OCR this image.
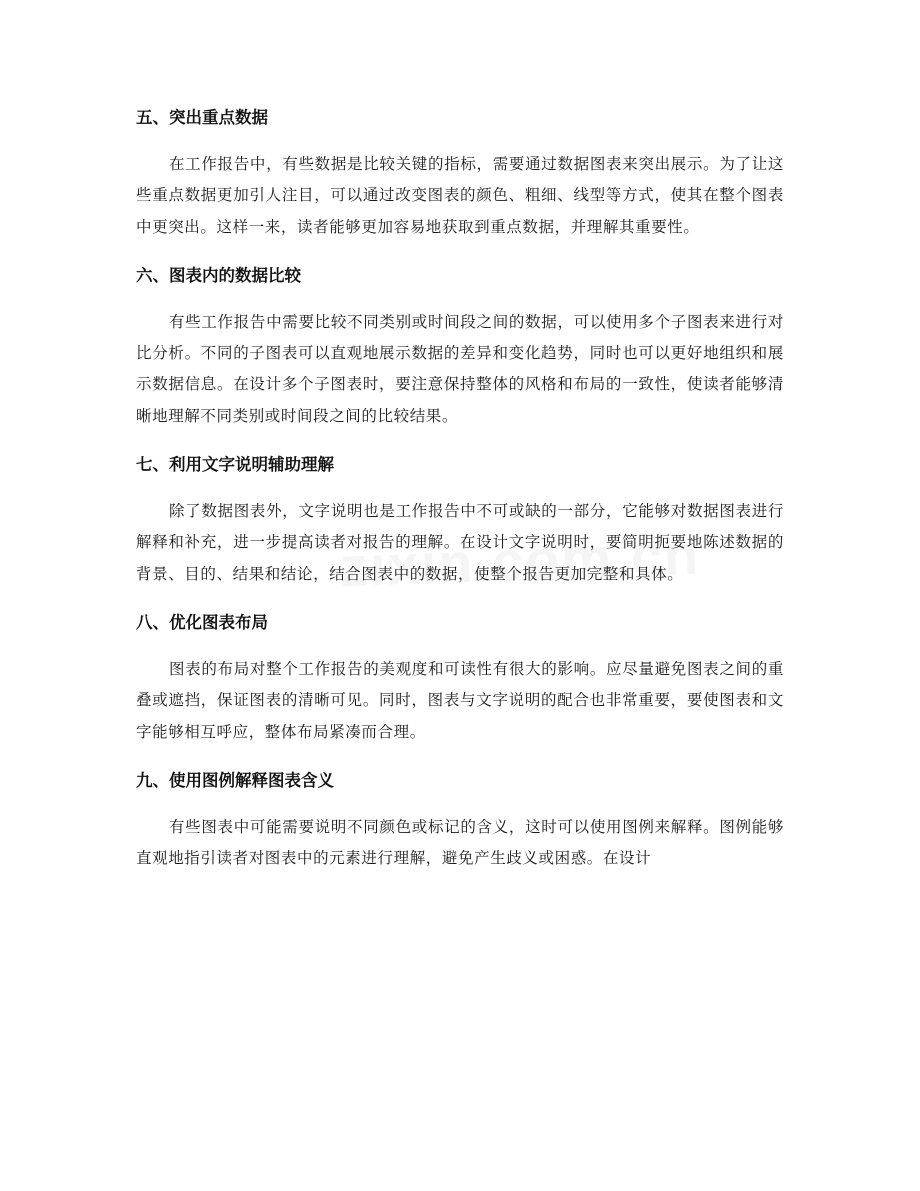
五、突出重点数据

在工作报告中，有些数据是比较关键的指标，需要通过数据图表来突出展示。为了让这些重点数据更加引人注目，可以通过改变图表的颜色、粗细、线型等方式，使其在整个图表中更突出。这样一来，读者能够更加容易地获取到重点数据，并理解其重要性。

六、图表内的数据比较

有些工作报告中需要比较不同类别或时间段之间的数据，可以使用多个子图表来进行对比分析。不同的子图表可以直观地展示数据的差异和变化趋势，同时也可以更好地组织和展示数据信息。在设计多个子图表时，要注意保持整体的风格和布局的一致性，使读者能够清晰地理解不同类别或时间段之间的比较结果。

七、利用文字说明辅助理解

除了数据图表外，文字说明也是工作报告中不可或缺的一部分，它能够对数据图表进行解释和补充，进一步提高读者对报告的理解。在设计文字说明时，要简明扼要地陈述数据的背景、目的、结果和结论，结合图表中的数据，使整个报告更加完整和具体。

八、优化图表布局

图表的布局对整个工作报告的美观度和可读性有很大的影响。应尽量避免图表之间的重叠或遮挡，保证图表的清晰可见。同时，图表与文字说明的配合也非常重要，要使图表和文字能够相互呼应，整体布局紧凑而合理。

九、使用图例解释图表含义

有些图表中可能需要说明不同颜色或标记的含义，这时可以使用图例来解释。图例能够直观地指引读者对图表中的元素进行理解，避免产生歧义或困惑。在设计
